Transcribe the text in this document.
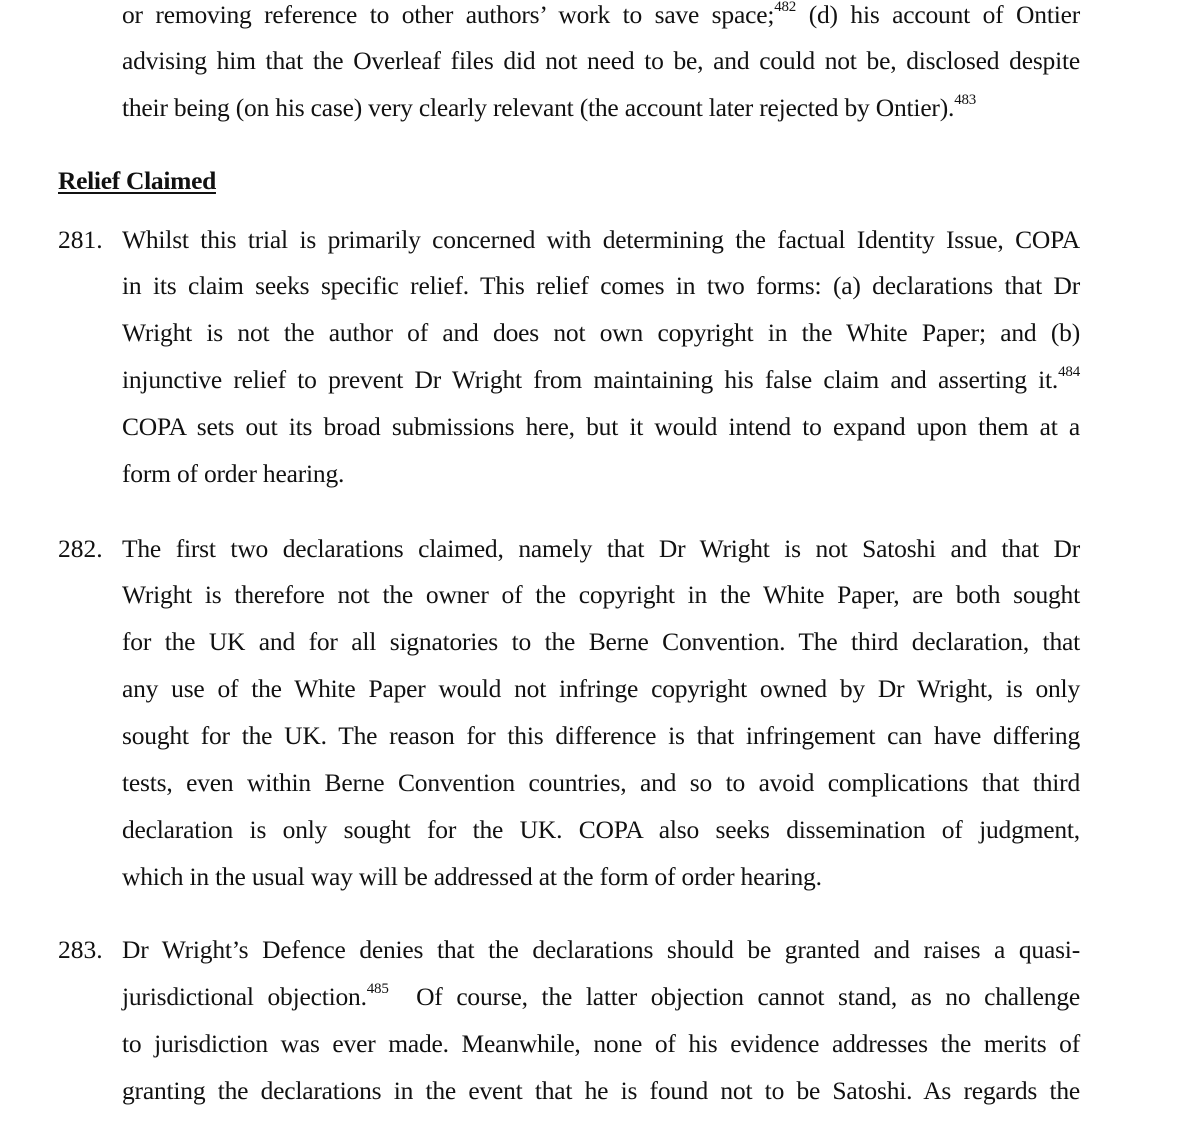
or removing reference to other authors’ work to save space;$^{482}$ (d) his account of Ontier
advising him that the Overleaf files did not need to be, and could not be, disclosed despite
their being (on his case) very clearly relevant (the account later rejected by Ontier).$^{483}$
Relief Claimed
281. Whilst this trial is primarily concerned with determining the factual Identity Issue, COPA
in its claim seeks specific relief. This relief comes in two forms: (a) declarations that Dr
Wright is not the author of and does not own copyright in the White Paper; and (b)
injunctive relief to prevent Dr Wright from maintaining his false claim and asserting it.$^{484}$
COPA sets out its broad submissions here, but it would intend to expand upon them at a
form of order hearing.
282. The first two declarations claimed, namely that Dr Wright is not Satoshi and that Dr
Wright is therefore not the owner of the copyright in the White Paper, are both sought
for the UK and for all signatories to the Berne Convention. The third declaration, that
any use of the White Paper would not infringe copyright owned by Dr Wright, is only
sought for the UK. The reason for this difference is that infringement can have differing
tests, even within Berne Convention countries, and so to avoid complications that third
declaration is only sought for the UK. COPA also seeks dissemination of judgment,
which in the usual way will be addressed at the form of order hearing.
283. Dr Wright’s Defence denies that the declarations should be granted and raises a quasi-
jurisdictional objection.$^{485}$  Of course, the latter objection cannot stand, as no challenge
to jurisdiction was ever made. Meanwhile, none of his evidence addresses the merits of
granting the declarations in the event that he is found not to be Satoshi. As regards the
